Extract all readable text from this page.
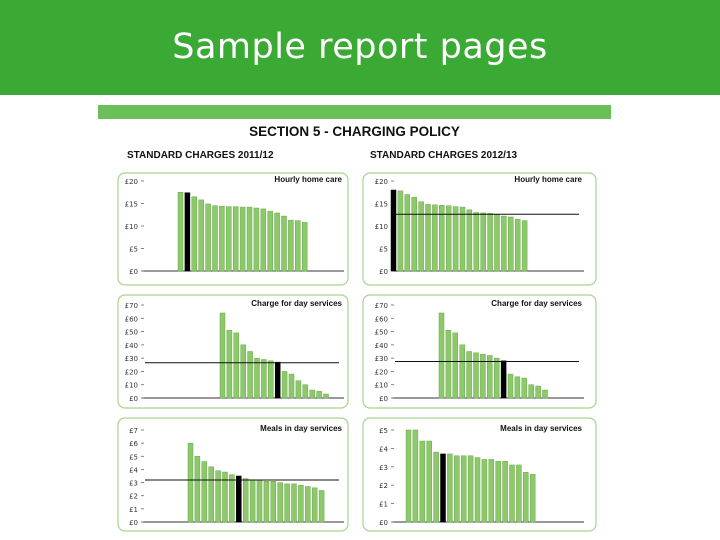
Sample report pages
SECTION 5 - CHARGING POLICY
STANDARD CHARGES 2011/12	STANDARD CHARGES 2012/13
£0
£5
£10
£15
£20	Hourly home care
£0
£5
£10
£15
£20	Hourly home care
£0
£10
£20
£30
£40
£50
£60
£70	Charge for day services
£0
£10
£20
£30
£40
£50
£60
£70	Charge for day services
£0
£1
£2
£3
£4
£5
£6
£7	Meals in day services
£0
£1
£2
£3
£4
£5	Meals in day services
